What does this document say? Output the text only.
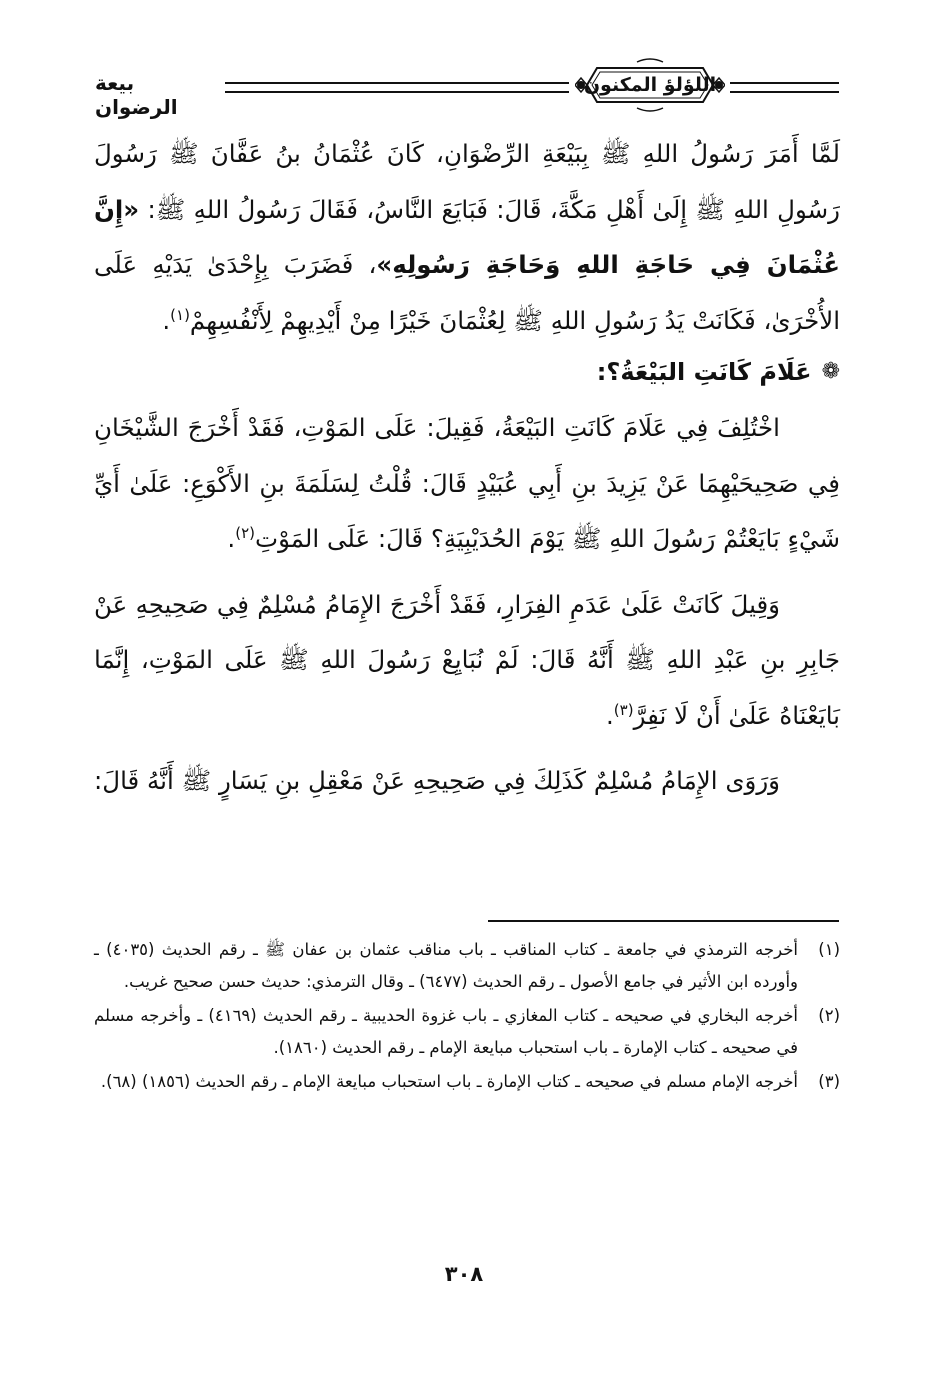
اللؤلؤ المكنون
بيعة الرضوان

لَمَّا أَمَرَ رَسُولُ اللهِ ﷺ بِبَيْعَةِ الرِّضْوَانِ، كَانَ عُثْمَانُ بنُ عَفَّانَ ﷺ رَسُولَ رَسُولِ اللهِ ﷺ إِلَىٰ أَهْلِ مَكَّةَ، قَالَ: فَبَايَعَ النَّاسُ، فَقَالَ رَسُولُ اللهِ ﷺ: «إِنَّ عُثْمَانَ فِي حَاجَةِ اللهِ وَحَاجَةِ رَسُولِهِ»، فَضَرَبَ بِإِحْدَىٰ يَدَيْهِ عَلَى الأُخْرَىٰ، فَكَانَتْ يَدُ رَسُولِ اللهِ ﷺ لِعُثْمَانَ خَيْرًا مِنْ أَيْدِيهِمْ لِأَنْفُسِهِمْ$^{(١)}$.

❁
عَلَامَ كَانَتِ البَيْعَةُ؟:

اخْتُلِفَ فِي عَلَامَ كَانَتِ البَيْعَةُ، فَقِيلَ: عَلَى المَوْتِ، فَقَدْ أَخْرَجَ الشَّيْخَانِ فِي صَحِيحَيْهِمَا عَنْ يَزِيدَ بنِ أَبِي عُبَيْدٍ قَالَ: قُلْتُ لِسَلَمَةَ بنِ الأَكْوَعِ: عَلَىٰ أَيِّ شَيْءٍ بَايَعْتُمْ رَسُولَ اللهِ ﷺ يَوْمَ الحُدَيْبِيَةِ؟ قَالَ: عَلَى المَوْتِ$^{(٢)}$.

وَقِيلَ كَانَتْ عَلَىٰ عَدَمِ الفِرَارِ، فَقَدْ أَخْرَجَ الإِمَامُ مُسْلِمٌ فِي صَحِيحِهِ عَنْ جَابِرِ بنِ عَبْدِ اللهِ ﷺ أَنَّهُ قَالَ: لَمْ نُبَايِعْ رَسُولَ اللهِ ﷺ عَلَى المَوْتِ، إِنَّمَا بَايَعْنَاهُ عَلَىٰ أَنْ لَا نَفِرَّ$^{(٣)}$.

وَرَوَى الإِمَامُ مُسْلِمٌ كَذَلِكَ فِي صَحِيحِهِ عَنْ مَعْقِلِ بنِ يَسَارٍ ﷺ أَنَّهُ قَالَ:

(١)
أخرجه الترمذي في جامعة ـ كتاب المناقب ـ باب مناقب عثمان بن عفان ﷺ ـ رقم الحديث (٤٠٣٥) ـ وأورده ابن الأثير في جامع الأصول ـ رقم الحديث (٦٤٧٧) ـ وقال الترمذي: حديث حسن صحيح غريب.
(٢)
أخرجه البخاري في صحيحه ـ كتاب المغازي ـ باب غزوة الحديبية ـ رقم الحديث (٤١٦٩) ـ وأخرجه مسلم في صحيحه ـ كتاب الإمارة ـ باب استحباب مبايعة الإمام ـ رقم الحديث (١٨٦٠).
(٣)
أخرجه الإمام مسلم في صحيحه ـ كتاب الإمارة ـ باب استحباب مبايعة الإمام ـ رقم الحديث (١٨٥٦) (٦٨).
٣٠٨
